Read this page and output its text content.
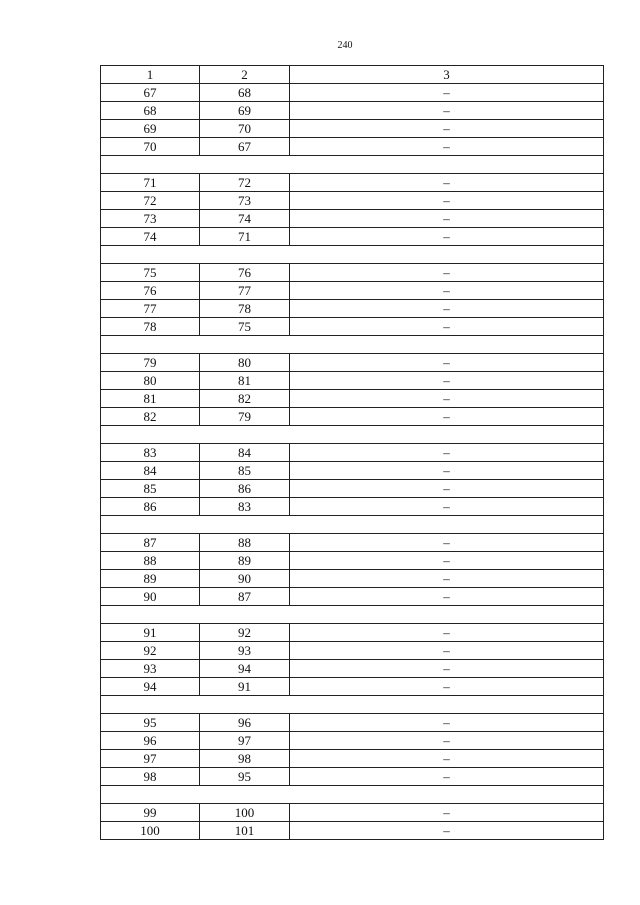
240
1	2	3
67	68	–
68	69	–
69	70	–
70	67	–

71	72	–
72	73	–
73	74	–
74	71	–

75	76	–
76	77	–
77	78	–
78	75	–

79	80	–
80	81	–
81	82	–
82	79	–

83	84	–
84	85	–
85	86	–
86	83	–

87	88	–
88	89	–
89	90	–
90	87	–

91	92	–
92	93	–
93	94	–
94	91	–

95	96	–
96	97	–
97	98	–
98	95	–

99	100	–
100	101	–
